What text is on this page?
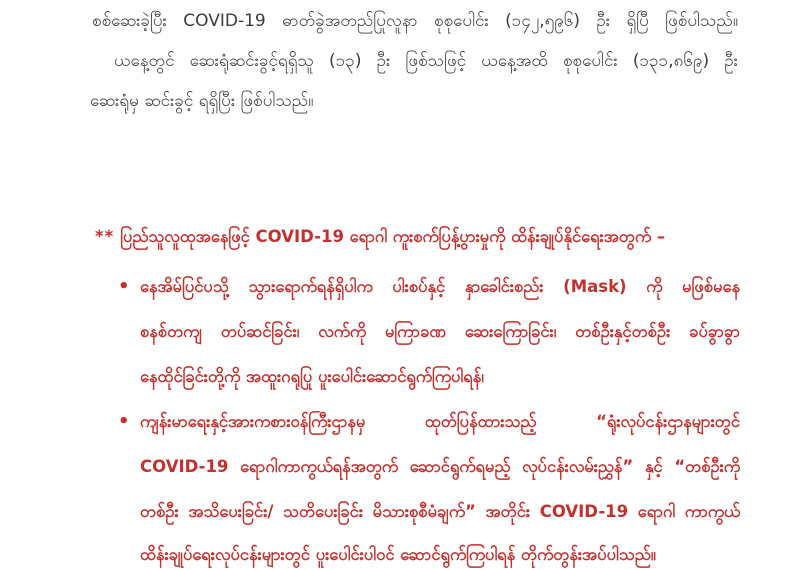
စစ်ဆေးခဲ့ပြီး COVID-19 ဓာတ်ခွဲအတည်ပြုလူနာ စုစုပေါင်း (၁၄၂,၅၉၆) ဦး ရှိပြီ ဖြစ်ပါသည်။
ယနေ့တွင် ဆေးရုံဆင်းခွင့်ရရှိသူ (၁၃) ဦး ဖြစ်သဖြင့် ယနေ့အထိ စုစုပေါင်း (၁၃၁,၈၆၉) ဦး
ဆေးရုံမှ ဆင်းခွင့် ရရှိပြီး ဖြစ်ပါသည်။
** ပြည်သူလူထုအနေဖြင့် COVID-19 ရောဂါ ကူးစက်ပြန့်ပွားမှုကို ထိန်းချုပ်နိုင်ရေးအတွက် –
• နေအိမ်ပြင်ပသို့ သွားရောက်ရန်ရှိပါက ပါးစပ်နှင့် နှာခေါင်းစည်း (Mask) ကို မဖြစ်မနေ
စနစ်တကျ တပ်ဆင်ခြင်း၊ လက်ကို မကြာခဏ ဆေးကြောခြင်း၊ တစ်ဦးနှင့်တစ်ဦး ခပ်ခွာခွာ
နေထိုင်ခြင်းတို့ကို အထူးဂရုပြု ပူးပေါင်းဆောင်ရွက်ကြပါရန်၊
• ကျန်းမာရေးနှင့်အားကစားဝန်ကြီးဌာနမှ ထုတ်ပြန်ထားသည့် “ရုံးလုပ်ငန်းဌာနများတွင်
COVID-19 ရောဂါကာကွယ်ရန်အတွက် ဆောင်ရွက်ရမည့် လုပ်ငန်းလမ်းညွှန်” နှင့် “တစ်ဦးကို
တစ်ဦး အသိပေးခြင်း/ သတိပေးခြင်း မိသားစုစီမံချက်” အတိုင်း COVID-19 ရောဂါ ကာကွယ်
ထိန်းချုပ်ရေးလုပ်ငန်းများတွင် ပူးပေါင်းပါဝင် ဆောင်ရွက်ကြပါရန် တိုက်တွန်းအပ်ပါသည်။
